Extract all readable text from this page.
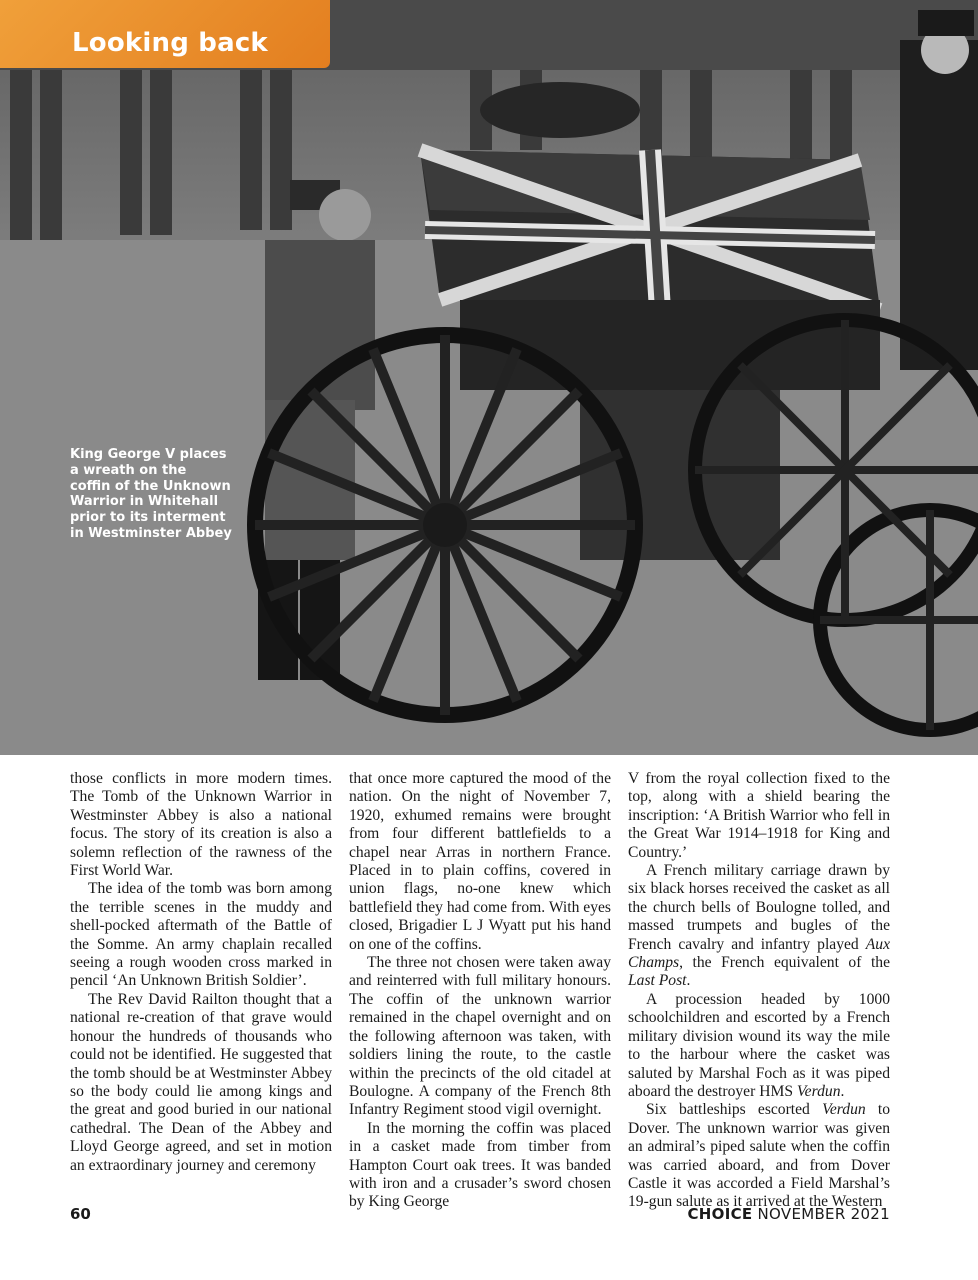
Looking back
King George V places
a wreath on the
coffin of the Unknown
Warrior in Whitehall
prior to its interment
in Westminster Abbey

those conflicts in more modern times. The Tomb of the Unknown Warrior in Westminster Abbey is also a national focus. The story of its creation is also a solemn reflection of the rawness of the First World War.

The idea of the tomb was born among the terrible scenes in the muddy and shell-pocked aftermath of the Battle of the Somme. An army chaplain recalled seeing a rough wooden cross marked in pencil ‘An Unknown British Soldier’.

The Rev David Railton thought that a national re-creation of that grave would honour the hundreds of thousands who could not be identified. He suggested that the tomb should be at Westminster Abbey so the body could lie among kings and the great and good buried in our national cathedral. The Dean of the Abbey and Lloyd George agreed, and set in motion an extraordinary journey and ceremony

that once more captured the mood of the nation. On the night of November 7, 1920, exhumed remains were brought from four different battlefields to a chapel near Arras in northern France. Placed in to plain coffins, covered in union flags, no-one knew which battlefield they had come from. With eyes closed, Brigadier L J Wyatt put his hand on one of the coffins.

The three not chosen were taken away and reinterred with full military honours. The coffin of the unknown warrior remained in the chapel overnight and on the following afternoon was taken, with soldiers lining the route, to the castle within the precincts of the old citadel at Boulogne. A company of the French 8th Infantry Regiment stood vigil overnight.

In the morning the coffin was placed in a casket made from timber from Hampton Court oak trees. It was banded with iron and a crusader’s sword chosen by King George

V from the royal collection fixed to the top, along with a shield bearing the inscription: ‘A British Warrior who fell in the Great War 1914–1918 for King and Country.’

A French military carriage drawn by six black horses received the casket as all the church bells of Boulogne tolled, and massed trumpets and bugles of the French cavalry and infantry played Aux Champs, the French equivalent of the Last Post.

A procession headed by 1000 schoolchildren and escorted by a French military division wound its way the mile to the harbour where the casket was saluted by Marshal Foch as it was piped aboard the destroyer HMS Verdun.

Six battleships escorted Verdun to Dover. The unknown warrior was given an admiral’s piped salute when the coffin was carried aboard, and from Dover Castle it was accorded a Field Marshal’s 19-gun salute as it arrived at the Western

60	CHOICE NOVEMBER 2021
